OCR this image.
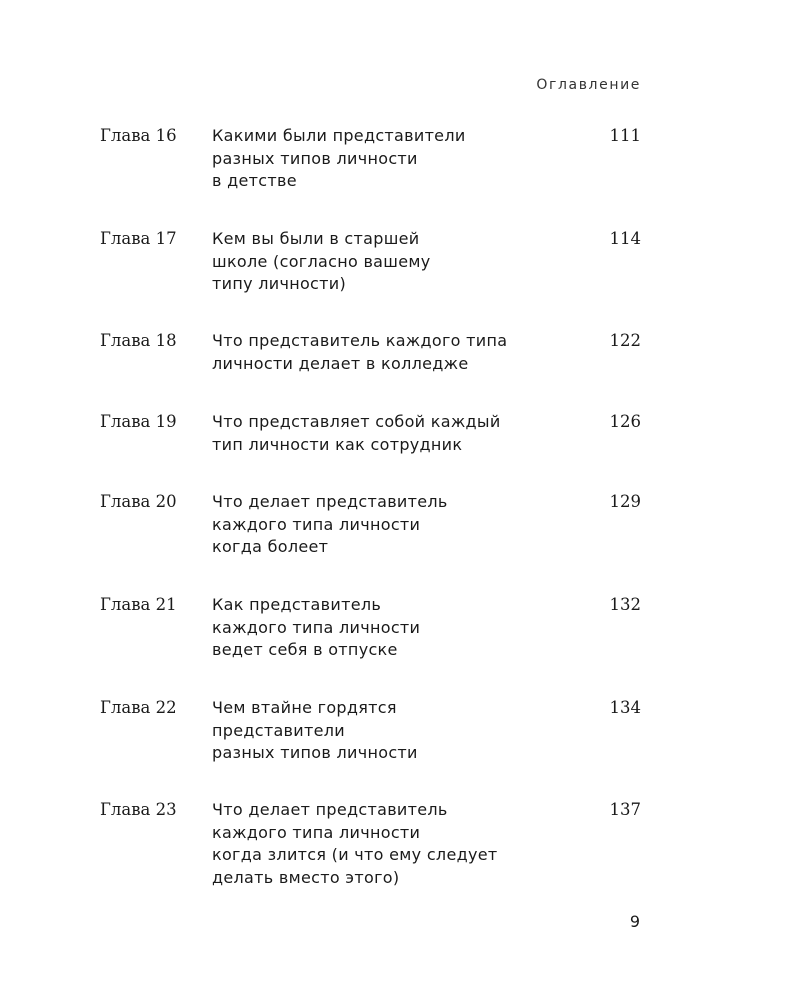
Оглавление
Глава 16 Какими были представители
разных типов личности
в детстве
111
Глава 17 Кем вы были в старшей
школе (согласно вашему
типу личности)
114
Глава 18 Что представитель каждого типа
личности делает в колледже
122
Глава 19 Что представляет собой каждый
тип личности как сотрудник
126
Глава 20 Что делает представитель
каждого типа личности
когда болеет
129
Глава 21 Как представитель
каждого типа личности
ведет себя в отпуске
132
Глава 22 Чем втайне гордятся
представители
разных типов личности
134
Глава 23 Что делает представитель
каждого типа личности
когда злится (и что ему следует
делать вместо этого)
137
9
